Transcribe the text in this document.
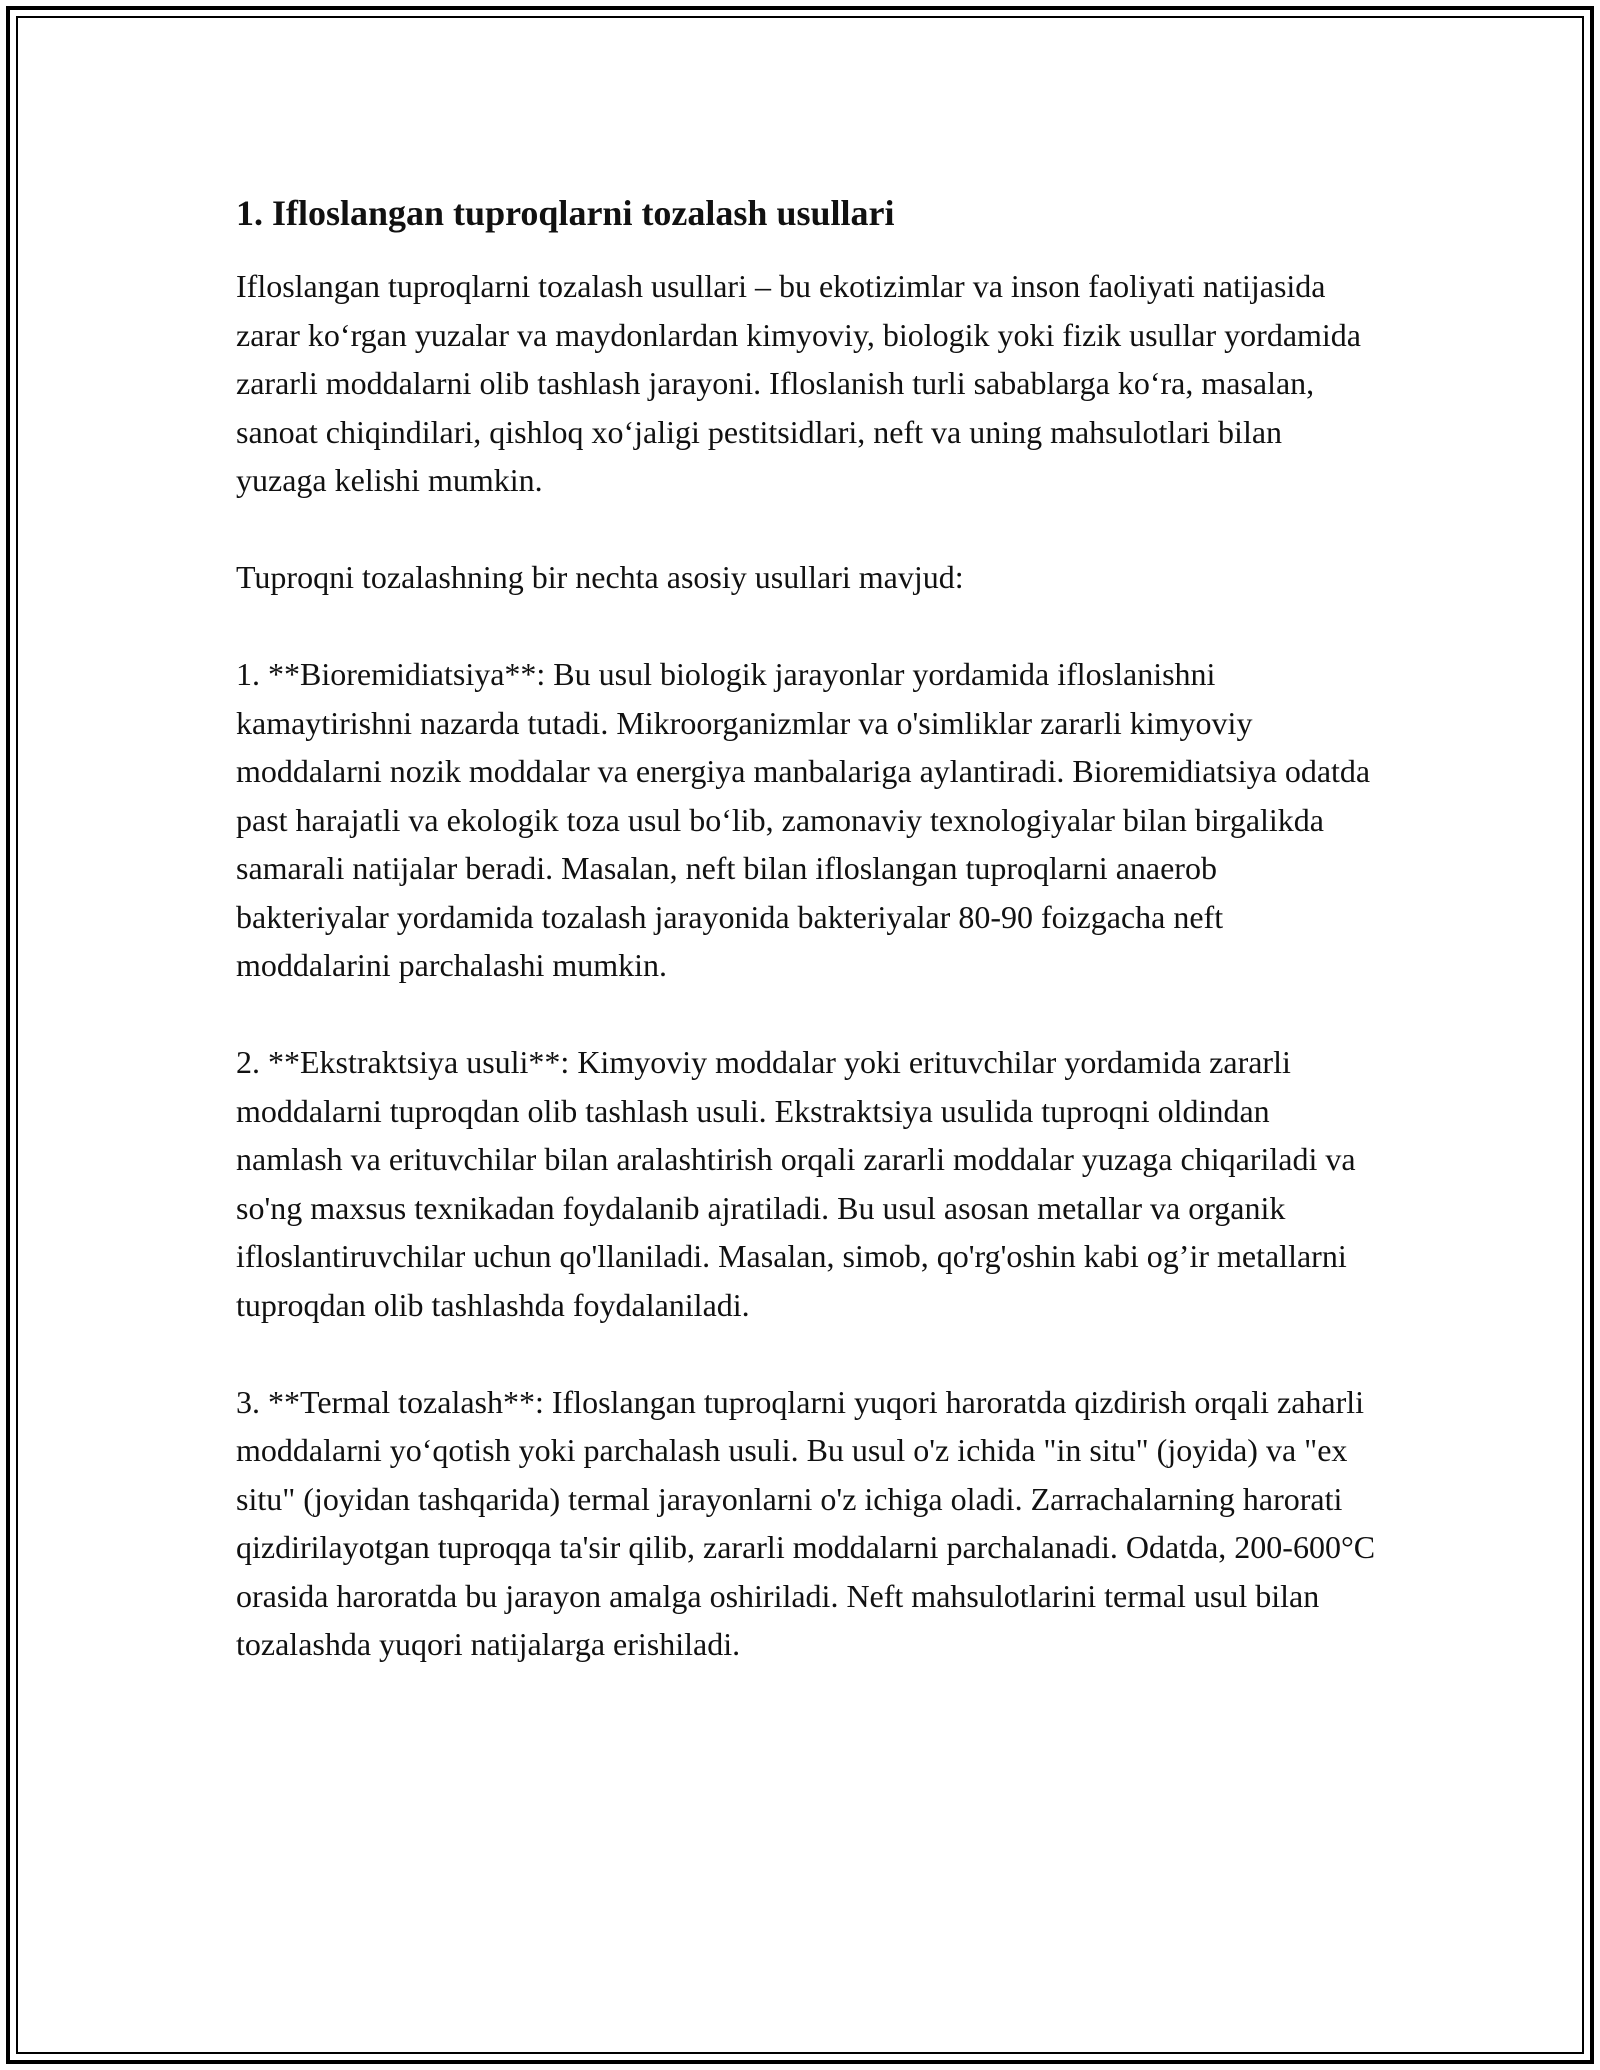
1. Ifloslangan tuproqlarni tozalash usullari

Ifloslangan tuproqlarni tozalash usullari – bu ekotizimlar va inson faoliyati natijasida zarar ko‘rgan yuzalar va maydonlardan kimyoviy, biologik yoki fizik usullar yordamida zararli moddalarni olib tashlash jarayoni. Ifloslanish turli sabablarga ko‘ra, masalan, sanoat chiqindilari, qishloq xo‘jaligi pestitsidlari, neft va uning mahsulotlari bilan yuzaga kelishi mumkin.

Tuproqni tozalashning bir nechta asosiy usullari mavjud:

1. **Bioremidiatsiya**: Bu usul biologik jarayonlar yordamida ifloslanishni kamaytirishni nazarda tutadi. Mikroorganizmlar va o'simliklar zararli kimyoviy moddalarni nozik moddalar va energiya manbalariga aylantiradi. Bioremidiatsiya odatda past harajatli va ekologik toza usul bo‘lib, zamonaviy texnologiyalar bilan birgalikda samarali natijalar beradi. Masalan, neft bilan ifloslangan tuproqlarni anaerob bakteriyalar yordamida tozalash jarayonida bakteriyalar 80-90 foizgacha neft moddalarini parchalashi mumkin.

2. **Ekstraktsiya usuli**: Kimyoviy moddalar yoki erituvchilar yordamida zararli moddalarni tuproqdan olib tashlash usuli. Ekstraktsiya usulida tuproqni oldindan namlash va erituvchilar bilan aralashtirish orqali zararli moddalar yuzaga chiqariladi va so'ng maxsus texnikadan foydalanib ajratiladi. Bu usul asosan metallar va organik ifloslantiruvchilar uchun qo'llaniladi. Masalan, simob, qo'rg'oshin kabi og’ir metallarni tuproqdan olib tashlashda foydalaniladi.

3. **Termal tozalash**: Ifloslangan tuproqlarni yuqori haroratda qizdirish orqali zaharli moddalarni yo‘qotish yoki parchalash usuli. Bu usul o'z ichida "in situ" (joyida) va "ex situ" (joyidan tashqarida) termal jarayonlarni o'z ichiga oladi. Zarrachalarning harorati qizdirilayotgan tuproqqa ta'sir qilib, zararli moddalarni parchalanadi. Odatda, 200-600°C orasida haroratda bu jarayon amalga oshiriladi. Neft mahsulotlarini termal usul bilan tozalashda yuqori natijalarga erishiladi.
